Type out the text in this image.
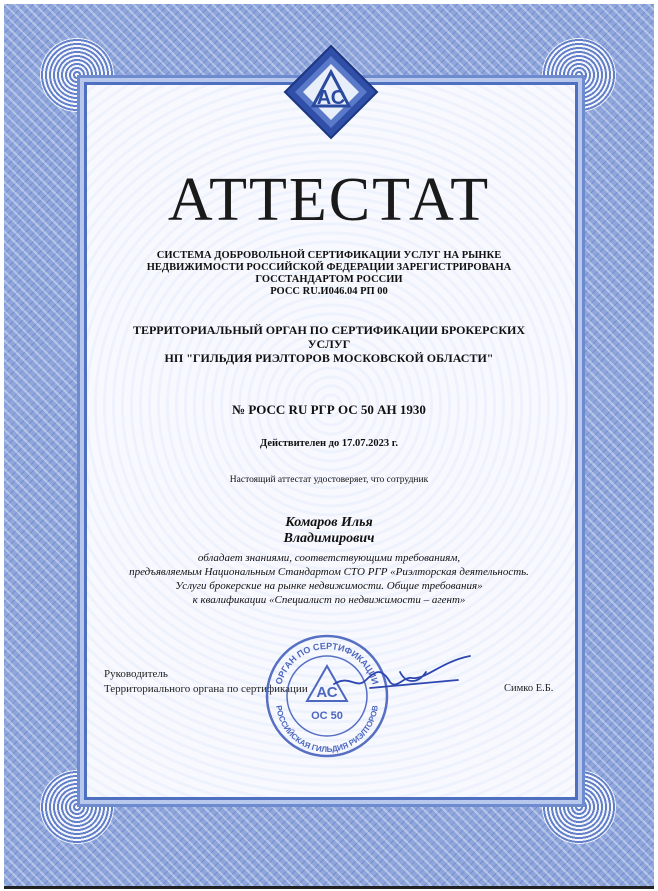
АС
АТТЕСТАТ
СИСТЕМА ДОБРОВОЛЬНОЙ СЕРТИФИКАЦИИ УСЛУГ НА РЫНКЕ
НЕДВИЖИМОСТИ РОССИЙСКОЙ ФЕДЕРАЦИИ ЗАРЕГИСТРИРОВАНА
ГОССТАНДАРТОМ РОССИИ
РОСС RU.И046.04 РП 00
ТЕРРИТОРИАЛЬНЫЙ ОРГАН ПО СЕРТИФИКАЦИИ БРОКЕРСКИХ
УСЛУГ
НП "ГИЛЬДИЯ РИЭЛТОРОВ МОСКОВСКОЙ ОБЛАСТИ"
№ РОСС RU РГР ОС 50 АН 1930
Действителен до 17.07.2023 г.
Настоящий аттестат удостоверяет, что сотрудник
Комаров Илья
Владимирович
обладает знаниями, соответствующими требованиям,
предъявляемым Национальным Стандартом СТО РГР «Риэлторская деятельность.
Услуги брокерские на рынке недвижимости. Общие требования»
к квалификации «Специалист по недвижимости – агент»
Руководитель
Территориального органа по сертификации
ОРГАН ПО СЕРТИФИКАЦИИ
РОССИЙСКАЯ ГИЛЬДИЯ РИЭЛТОРОВ
АС
ОС 50
Симко Е.Б.
